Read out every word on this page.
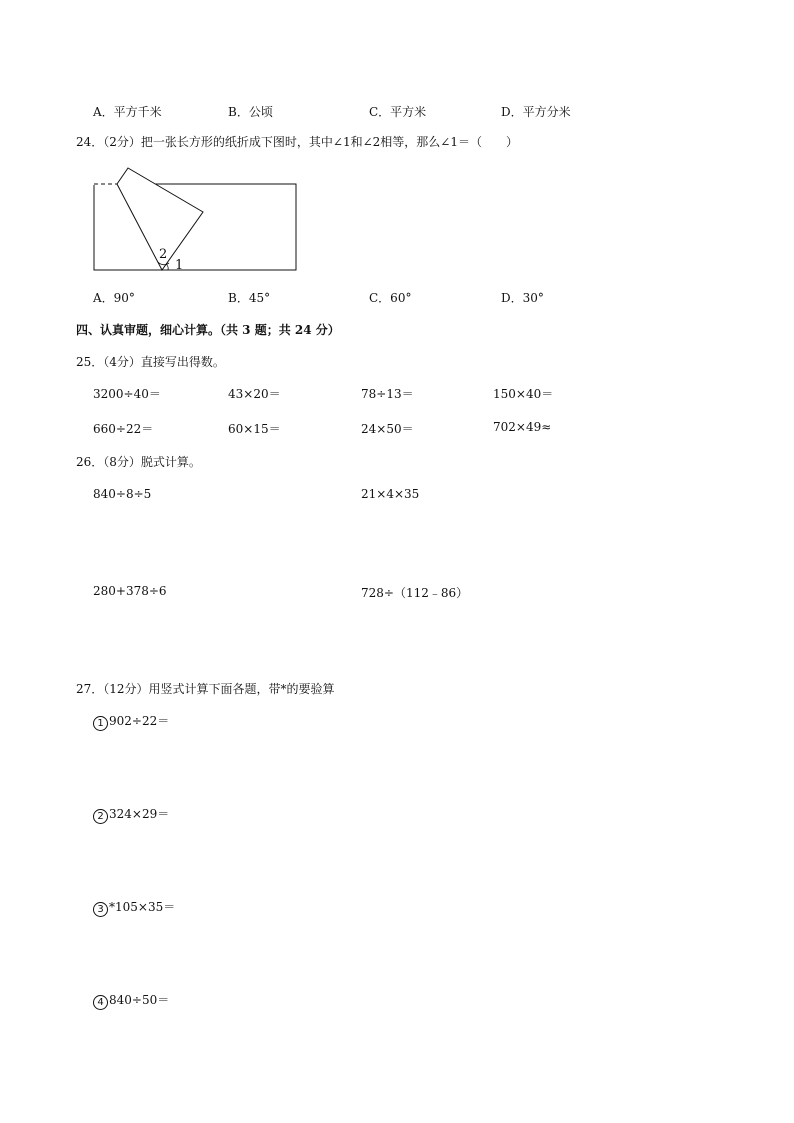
A．平方千米	B．公顷	C．平方米	D．平方分米
24．（2分）把一张长方形的纸折成下图时，其中∠1和∠2相等，那么∠1＝（　　）
2
1
A．90°	B．45°	C．60°	D．30°
四、认真审题，细心计算。（共 3 题；共 24 分）
25．（4分）直接写出得数。
3200÷40＝	43×20＝	78÷13＝	150×40＝
660÷22＝	60×15＝	24×50＝	702×49≈
26．（8分）脱式计算。
840÷8÷5	21×4×35
280+378÷6	728÷（112﹣86）
27．（12分）用竖式计算下面各题，带*的要验算
1 902÷22＝
2 324×29＝
3 *105×35＝
4 840÷50＝
